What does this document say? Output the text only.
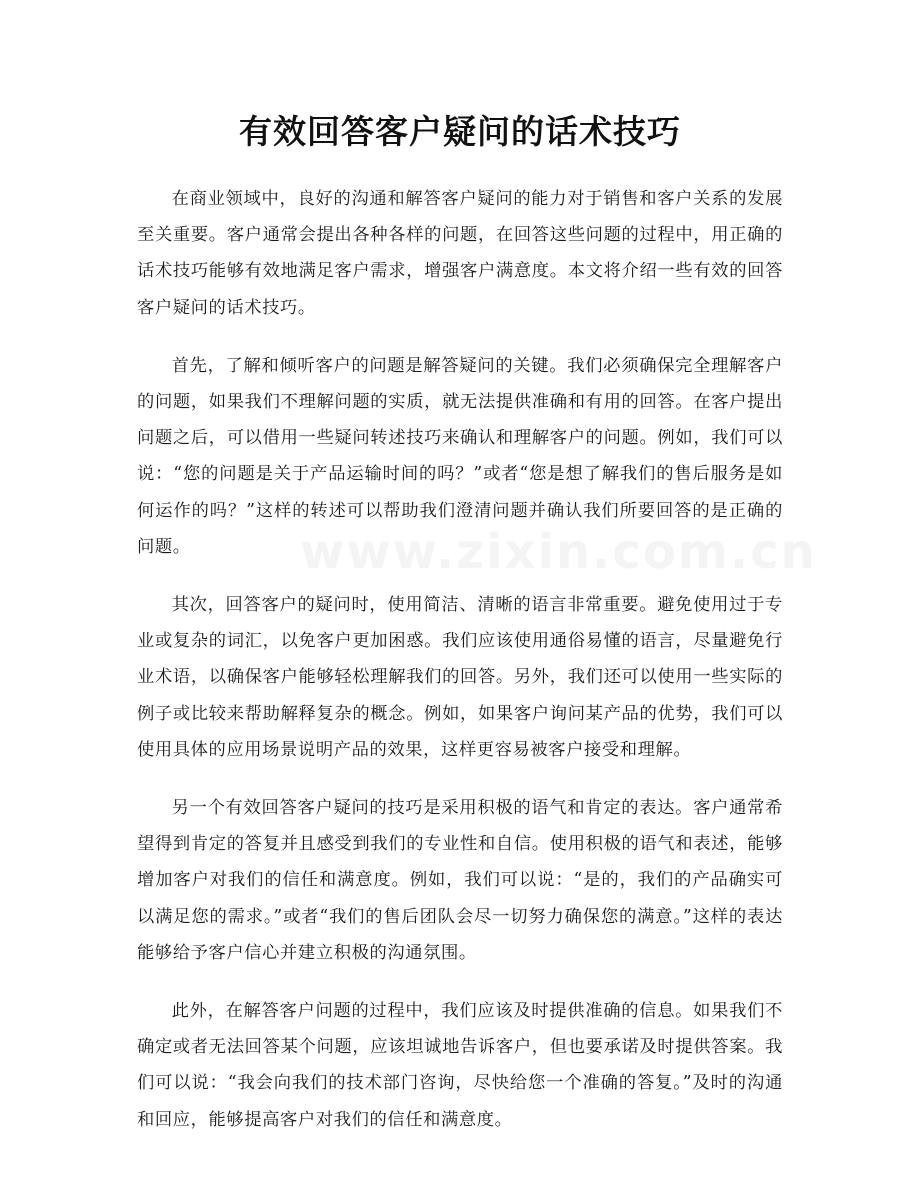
有效回答客户疑问的话术技巧

在商业领域中，良好的沟通和解答客户疑问的能力对于销售和客户关系的发展至关重要。客户通常会提出各种各样的问题，在回答这些问题的过程中，用正确的话术技巧能够有效地满足客户需求，增强客户满意度。本文将介绍一些有效的回答客户疑问的话术技巧。

首先，了解和倾听客户的问题是解答疑问的关键。我们必须确保完全理解客户的问题，如果我们不理解问题的实质，就无法提供准确和有用的回答。在客户提出问题之后，可以借用一些疑问转述技巧来确认和理解客户的问题。例如，我们可以说：“您的问题是关于产品运输时间的吗？”或者“您是想了解我们的售后服务是如何运作的吗？”这样的转述可以帮助我们澄清问题并确认我们所要回答的是正确的问题。

其次，回答客户的疑问时，使用简洁、清晰的语言非常重要。避免使用过于专业或复杂的词汇，以免客户更加困惑。我们应该使用通俗易懂的语言，尽量避免行业术语，以确保客户能够轻松理解我们的回答。另外，我们还可以使用一些实际的例子或比较来帮助解释复杂的概念。例如，如果客户询问某产品的优势，我们可以使用具体的应用场景说明产品的效果，这样更容易被客户接受和理解。

另一个有效回答客户疑问的技巧是采用积极的语气和肯定的表达。客户通常希望得到肯定的答复并且感受到我们的专业性和自信。使用积极的语气和表述，能够增加客户对我们的信任和满意度。例如，我们可以说：“是的，我们的产品确实可以满足您的需求。”或者“我们的售后团队会尽一切努力确保您的满意。”这样的表达能够给予客户信心并建立积极的沟通氛围。

此外，在解答客户问题的过程中，我们应该及时提供准确的信息。如果我们不确定或者无法回答某个问题，应该坦诚地告诉客户，但也要承诺及时提供答案。我们可以说：“我会向我们的技术部门咨询，尽快给您一个准确的答复。”及时的沟通和回应，能够提高客户对我们的信任和满意度。

www.zixin.com.cn
